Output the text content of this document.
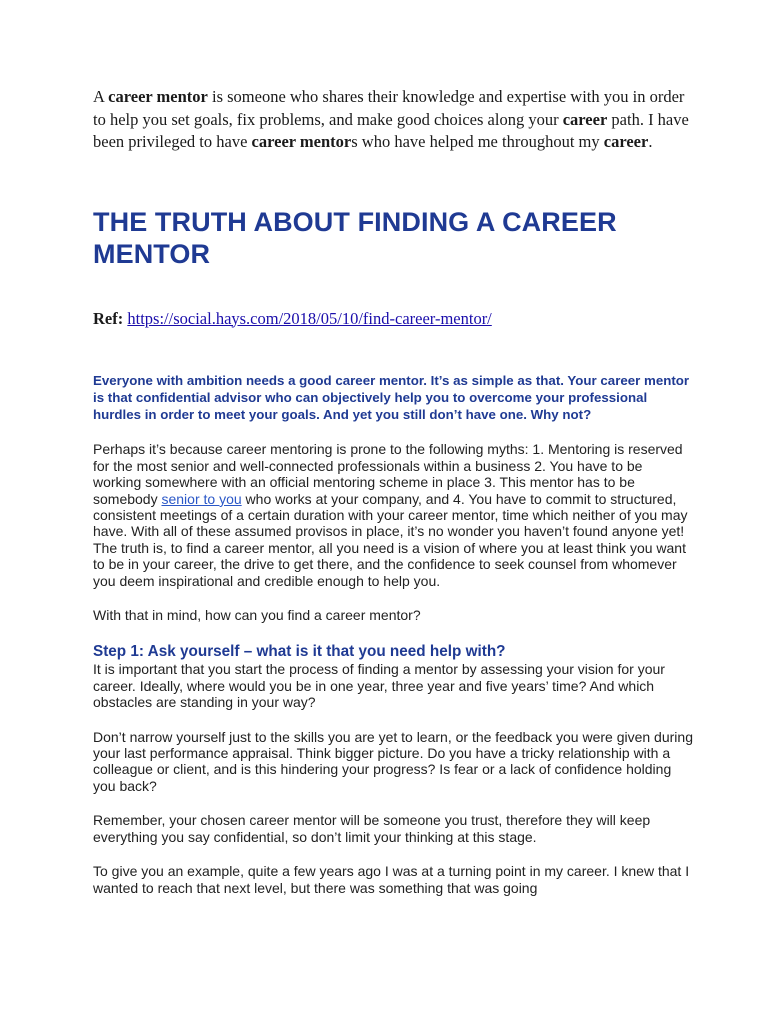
A career mentor is someone who shares their knowledge and expertise with you in order to help you set goals, fix problems, and make good choices along your career path. I have been privileged to have career mentors who have helped me throughout my career.

THE TRUTH ABOUT FINDING A CAREER MENTOR

Ref: https://social.hays.com/2018/05/10/find-career-mentor/

Everyone with ambition needs a good career mentor. It’s as simple as that. Your career mentor is that confidential advisor who can objectively help you to overcome your professional hurdles in order to meet your goals. And yet you still don’t have one. Why not?

Perhaps it’s because career mentoring is prone to the following myths: 1. Mentoring is reserved for the most senior and well-connected professionals within a business 2. You have to be working somewhere with an official mentoring scheme in place 3. This mentor has to be somebody senior to you who works at your company, and 4. You have to commit to structured, consistent meetings of a certain duration with your career mentor, time which neither of you may have. With all of these assumed provisos in place, it’s no wonder you haven’t found anyone yet!

The truth is, to find a career mentor, all you need is a vision of where you at least think you want to be in your career, the drive to get there, and the confidence to seek counsel from whomever you deem inspirational and credible enough to help you.

With that in mind, how can you find a career mentor?

Step 1: Ask yourself – what is it that you need help with?

It is important that you start the process of finding a mentor by assessing your vision for your career. Ideally, where would you be in one year, three year and five years’ time? And which obstacles are standing in your way?

Don’t narrow yourself just to the skills you are yet to learn, or the feedback you were given during your last performance appraisal. Think bigger picture. Do you have a tricky relationship with a colleague or client, and is this hindering your progress? Is fear or a lack of confidence holding you back?

Remember, your chosen career mentor will be someone you trust, therefore they will keep everything you say confidential, so don’t limit your thinking at this stage.

To give you an example, quite a few years ago I was at a turning point in my career. I knew that I wanted to reach that next level, but there was something that was going
